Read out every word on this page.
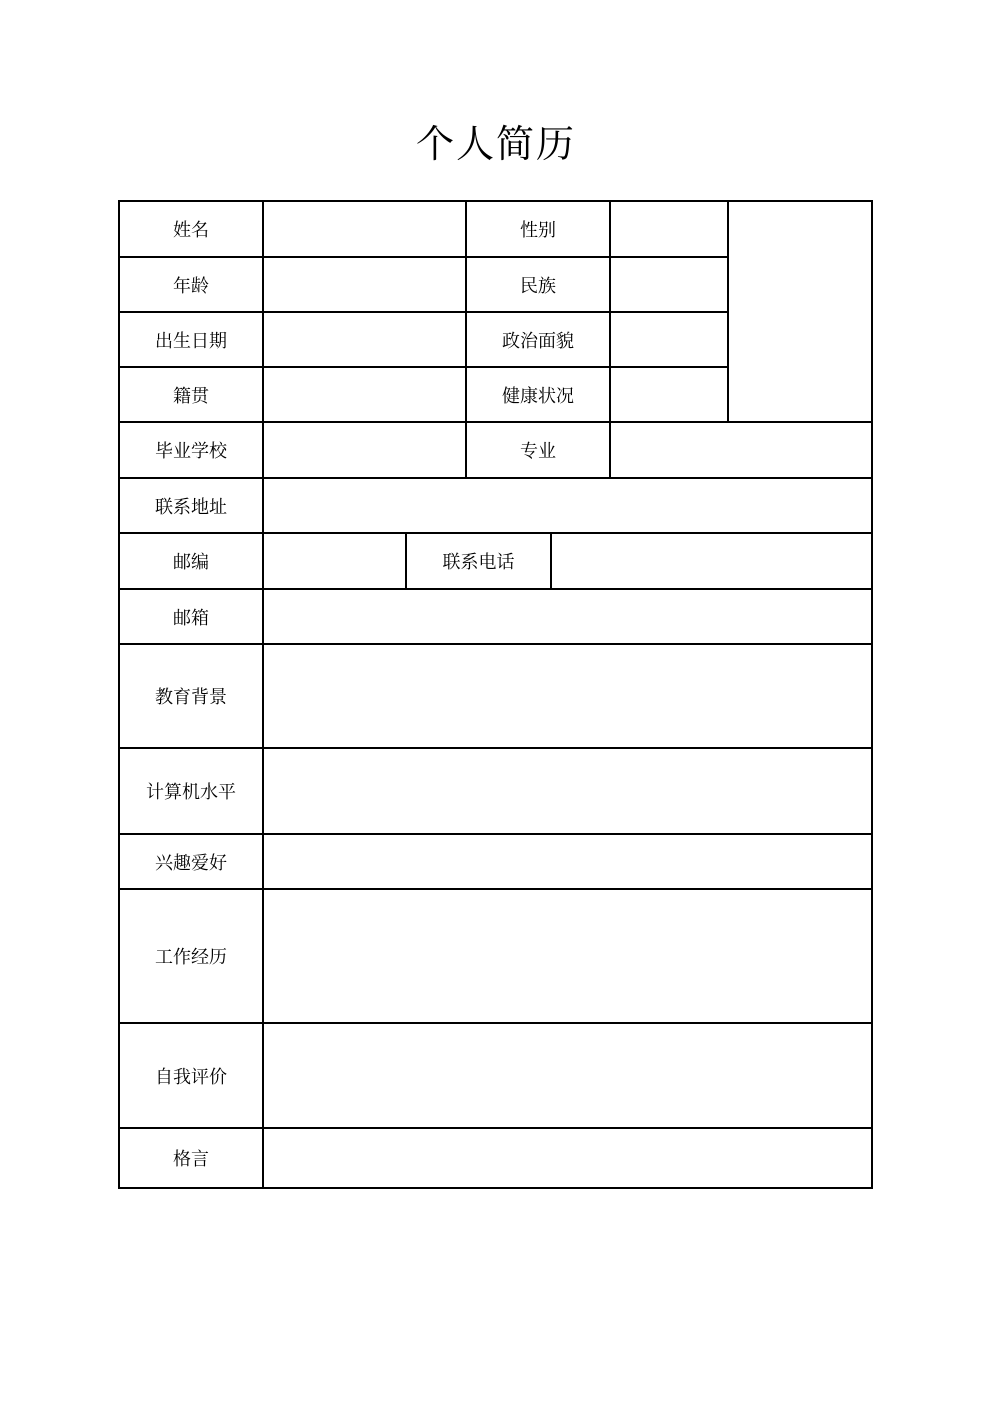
个人简历
姓名	性别
年龄	民族
出生日期	政治面貌
籍贯	健康状况
毕业学校	专业
联系地址
邮编	联系电话
邮箱
教育背景
计算机水平
兴趣爱好
工作经历
自我评价
格言
